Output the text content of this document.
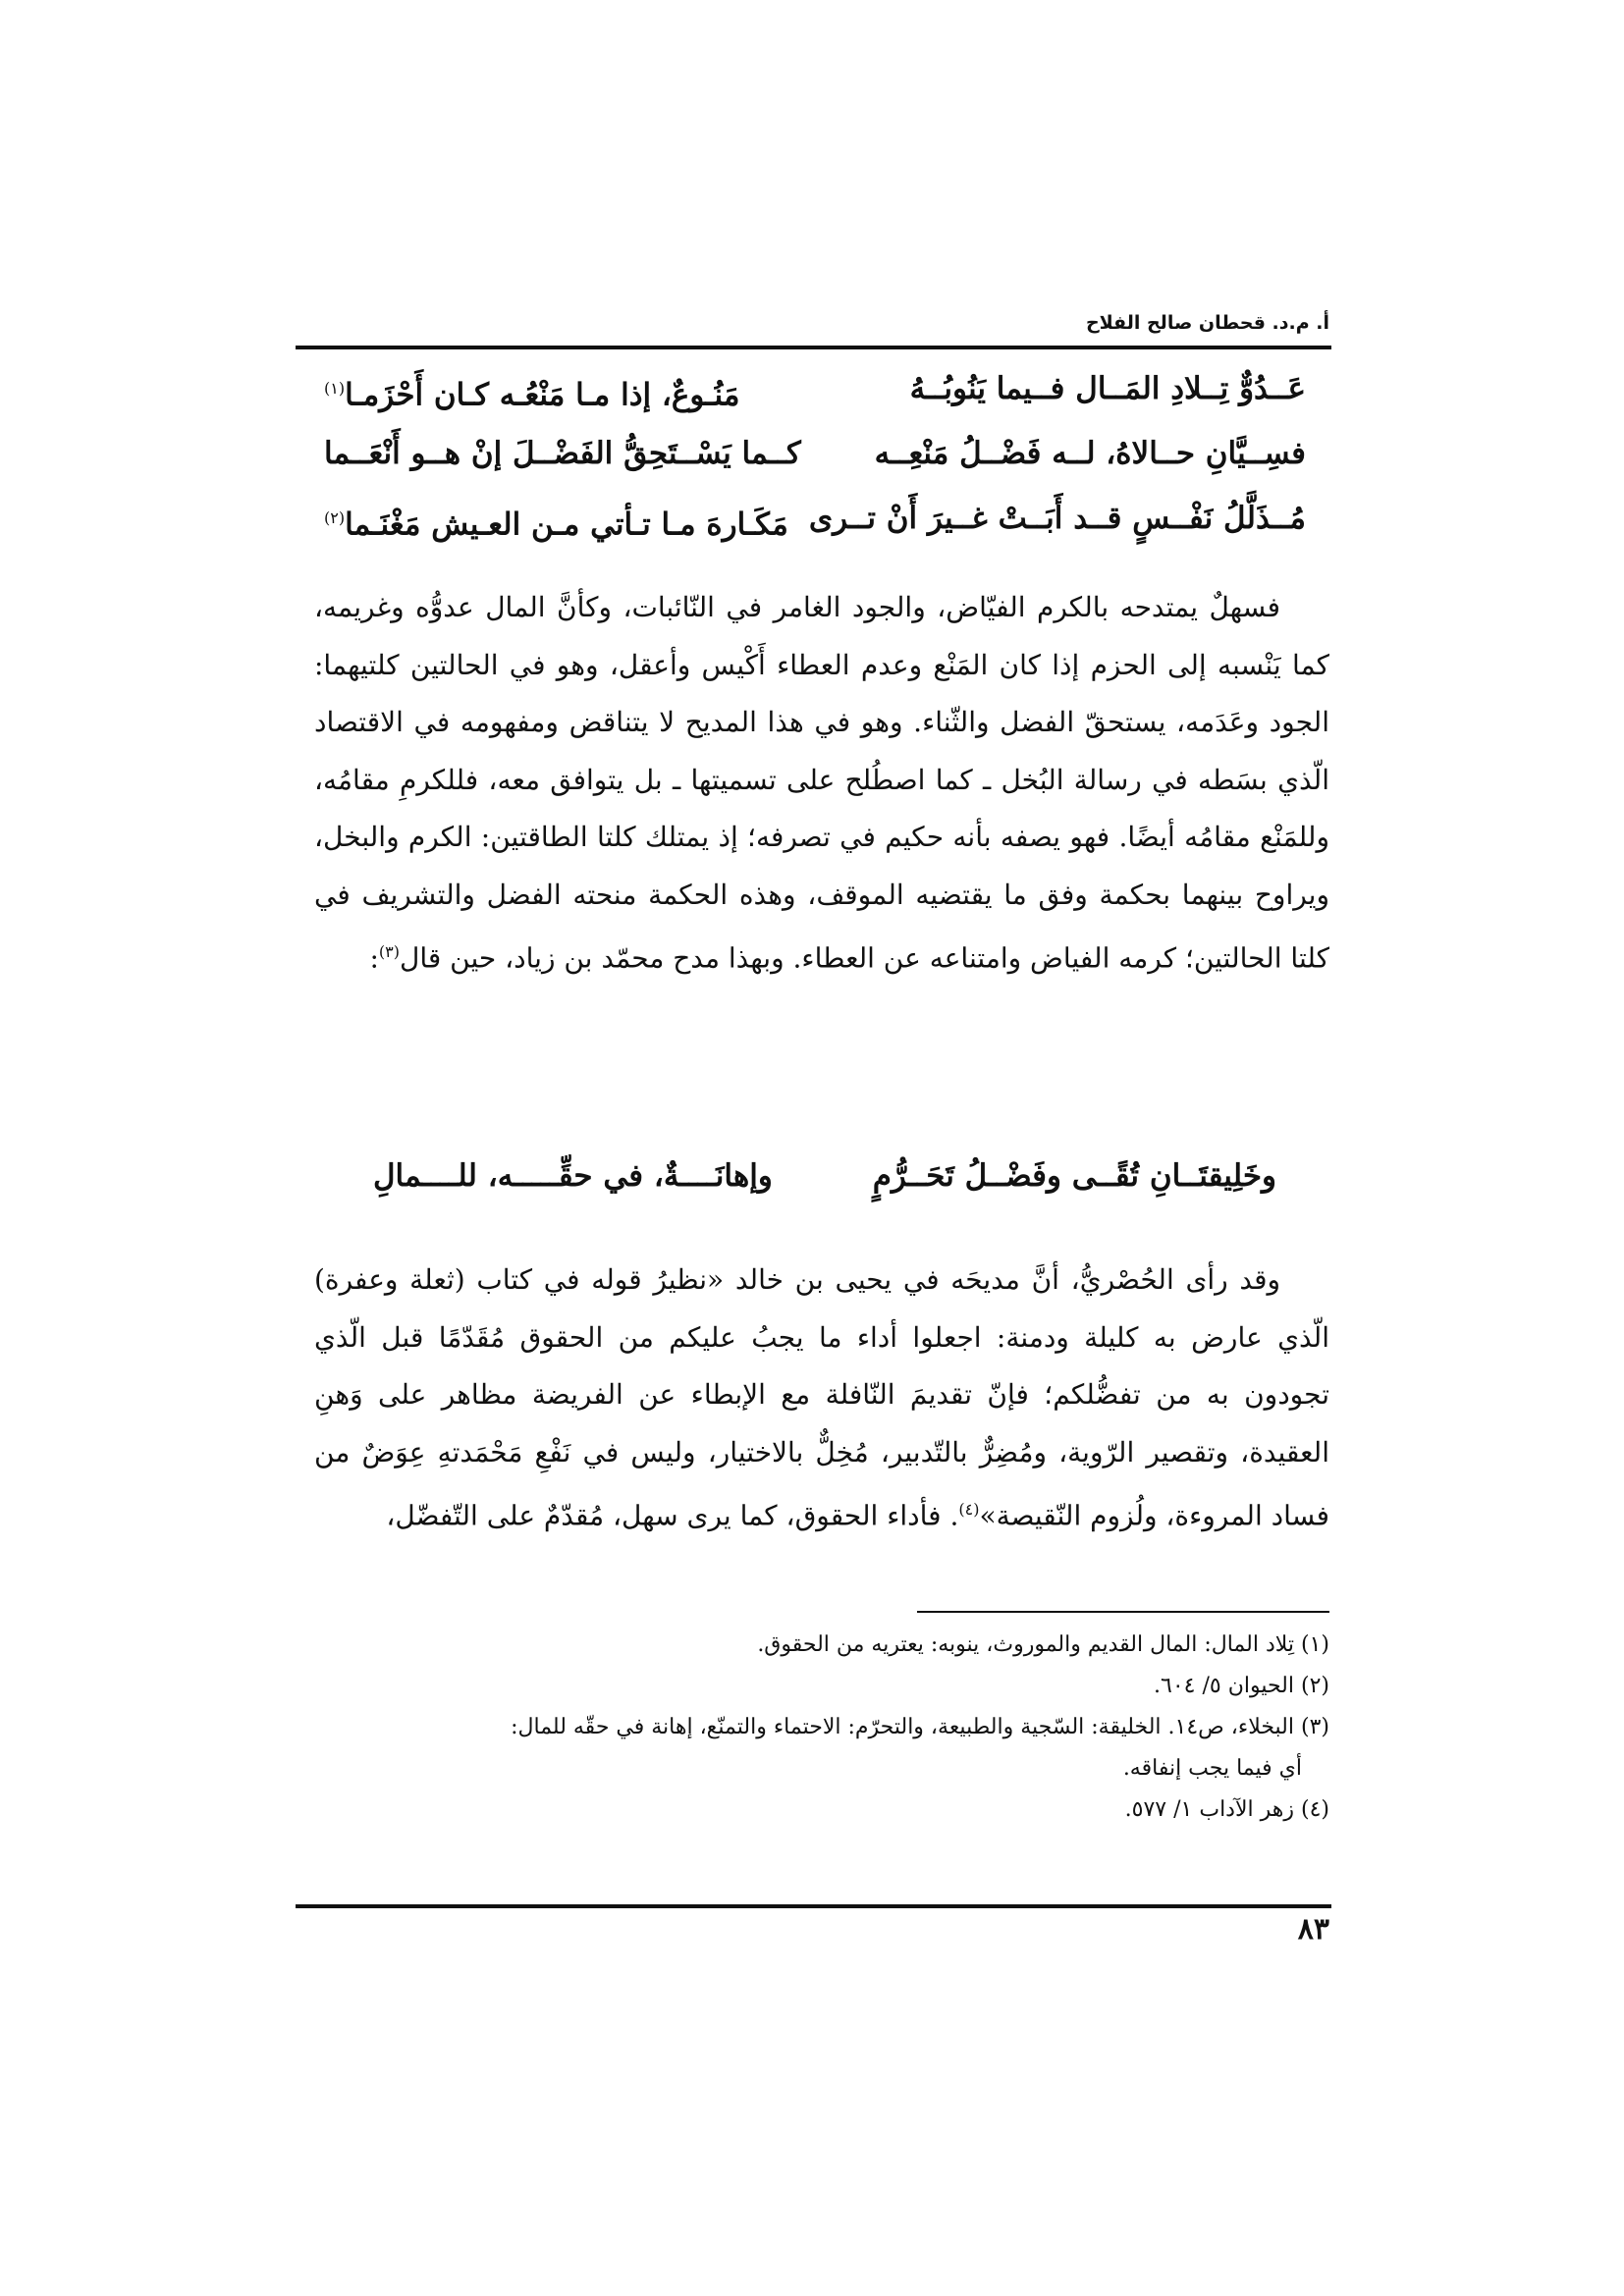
أ. م.د. قحطان صالح الفلاح
عَــدُوٌّ تِــلادِ المَــال فــيما يَنُوبُــهُ
مَنُـوعٌ، إذا مـا مَنْعُـه كـان أَحْزَمـا$^{(١)}$
فسِــيَّانِ حــالاهُ، لــه فَضْــلُ مَنْعِــه
كــما يَسْــتَحِقُّ الفَضْــلَ إنْ هــو أَنْعَــما
مُــذَلَّلُ نَفْــسٍ قــد أَبَــتْ غــيرَ أَنْ تــرى
مَكَـارهَ مـا تـأتي مـن العـيش مَغْنَـما$^{(٢)}$

فسهلٌ يمتدحه بالكرم الفيّاض، والجود الغامر في النّائبات، وكأنَّ المال عدوُّه وغريمه، كما يَنْسبه إلى الحزم إذا كان المَنْع وعدم العطاء أَكْيس وأعقل، وهو في الحالتين كلتيهما: الجود وعَدَمه، يستحقّ الفضل والثّناء. وهو في هذا المديح لا يتناقض ومفهومه في الاقتصاد الّذي بسَطه في رسالة البُخل ـ كما اصطُلح على تسميتها ـ بل يتوافق معه، فللكرمِ مقامُه، وللمَنْع مقامُه أيضًا. فهو يصفه بأنه حكيم في تصرفه؛ إذ يمتلك كلتا الطاقتين: الكرم والبخل، ويراوح بينهما بحكمة وفق ما يقتضيه الموقف، وهذه الحكمة منحته الفضل والتشريف في كلتا الحالتين؛ كرمه الفياض وامتناعه عن العطاء. وبهذا مدح محمّد بن زياد، حين قال$^{(٣)}$:

وخَلِيقتَــانِ تُقًــى وفَضْــلُ تَحَــرُّمٍ
وإهانَــــةٌ، في حقِّـــــه، للــــمالِ

وقد رأى الحُصْريُّ، أنَّ مديحَه في يحيى بن خالد «نظيرُ قوله في كتاب (ثعلة وعفرة) الّذي عارض به كليلة ودمنة: اجعلوا أداء ما يجبُ عليكم من الحقوق مُقَدّمًا قبل الّذي تجودون به من تفضُّلكم؛ فإنّ تقديمَ النّافلة مع الإبطاء عن الفريضة مظاهر على وَهنِ العقيدة، وتقصير الرّوية، ومُضِرٌّ بالتّدبير، مُخِلٌّ بالاختيار، وليس في نَفْعِ مَحْمَدتهِ عِوَضٌ من فساد المروءة، ولُزوم النّقيصة»$^{(٤)}$. فأداء الحقوق، كما يرى سهل، مُقدّمٌ على التّفضّل،

(١) تِلاد المال: المال القديم والموروث، ينوبه: يعتريه من الحقوق.

(٢) الحيوان ٥/ ٦٠٤.

(٣) البخلاء، ص١٤. الخليقة: السّجية والطبيعة، والتحرّم: الاحتماء والتمنّع، إهانة في حقّه للمال:
أي فيما يجب إنفاقه.

(٤) زهر الآداب ١/ ٥٧٧.

٨٣
